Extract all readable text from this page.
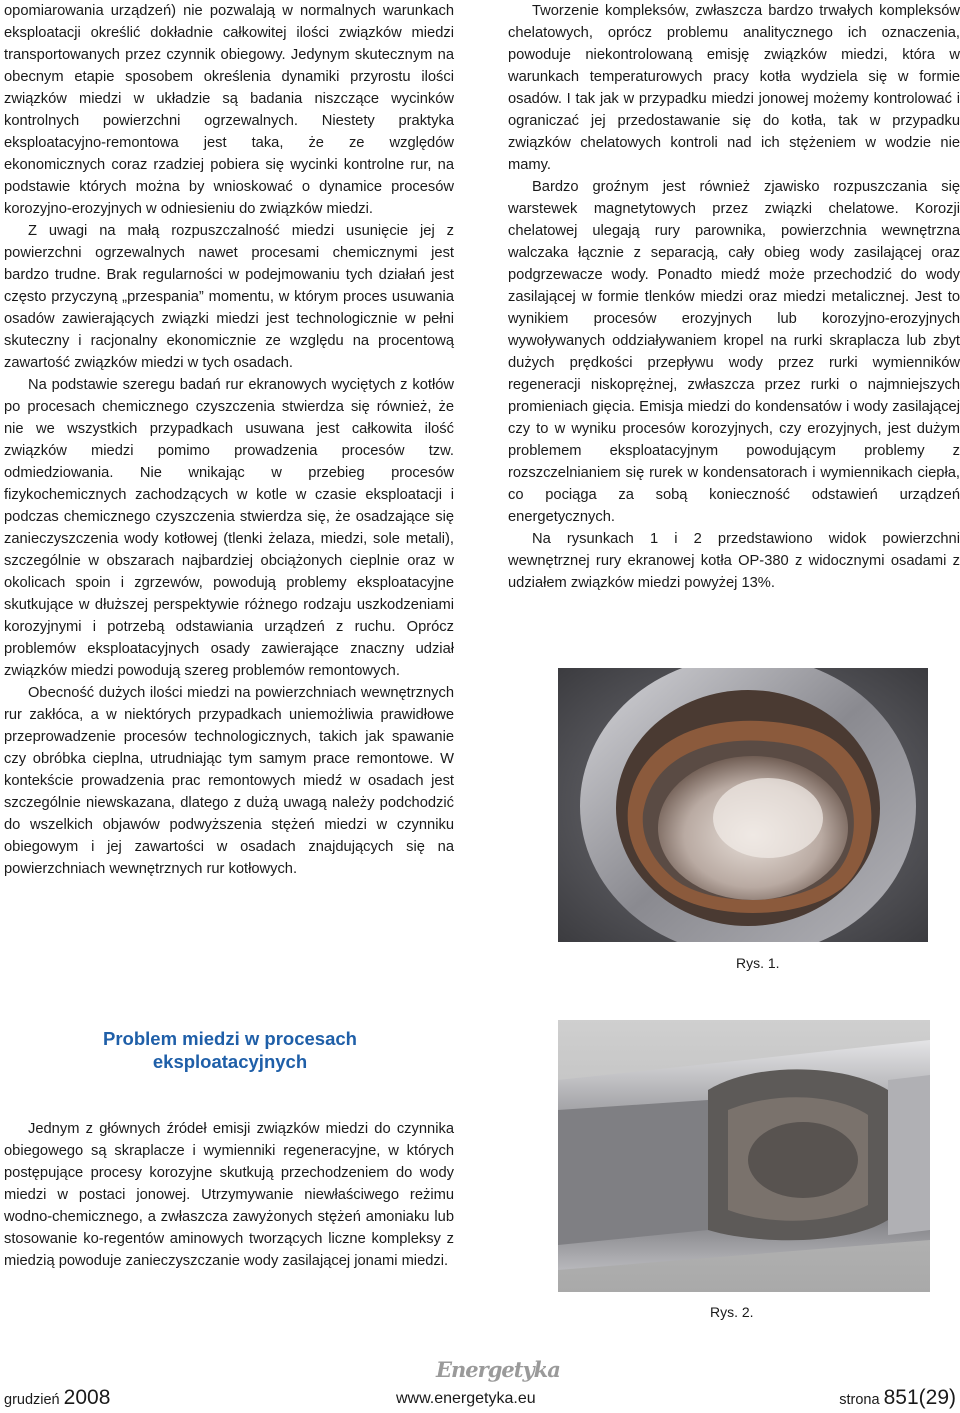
opomiarowania urządzeń) nie pozwalają w normalnych warunkach eksploatacji określić dokładnie całkowitej ilości związków miedzi transportowanych przez czynnik obiegowy. Jedynym skutecznym na obecnym etapie sposobem określenia dynamiki przyrostu ilości związków miedzi w układzie są badania niszczące wycinków kontrolnych powierzchni ogrzewalnych. Niestety praktyka eksploatacyjno-remontowa jest taka, że ze względów ekonomicznych coraz rzadziej pobiera się wycinki kontrolne rur, na podstawie których można by wnioskować o dynamice procesów korozyjno-erozyjnych w odniesieniu do związków miedzi.

Z uwagi na małą rozpuszczalność miedzi usunięcie jej z powierzchni ogrzewalnych nawet procesami chemicznymi jest bardzo trudne. Brak regularności w podejmowaniu tych działań jest często przyczyną „przespania” momentu, w którym proces usuwania osadów zawierających związki miedzi jest technologicznie w pełni skuteczny i racjonalny ekonomicznie ze względu na procentową zawartość związków miedzi w tych osadach.

Na podstawie szeregu badań rur ekranowych wyciętych z kotłów po procesach chemicznego czyszczenia stwierdza się również, że nie we wszystkich przypadkach usuwana jest całkowita ilość związków miedzi pomimo prowadzenia procesów tzw. odmiedziowania. Nie wnikając w przebieg procesów fizykochemicznych zachodzących w kotle w czasie eksploatacji i podczas chemicznego czyszczenia stwierdza się, że osadzające się zanieczyszczenia wody kotłowej (tlenki żelaza, miedzi, sole metali), szczególnie w obszarach najbardziej obciążonych cieplnie oraz w okolicach spoin i zgrzewów, powodują problemy eksploatacyjne skutkujące w dłuższej perspektywie różnego rodzaju uszkodzeniami korozyjnymi i potrzebą odstawiania urządzeń z ruchu. Oprócz problemów eksploatacyjnych osady zawierające znaczny udział związków miedzi powodują szereg problemów remontowych.

Obecność dużych ilości miedzi na powierzchniach wewnętrznych rur zakłóca, a w niektórych przypadkach uniemożliwia prawidłowe przeprowadzenie procesów technologicznych, takich jak spawanie czy obróbka cieplna, utrudniając tym samym prace remontowe. W kontekście prowadzenia prac remontowych miedź w osadach jest szczególnie niewskazana, dlatego z dużą uwagą należy podchodzić do wszelkich objawów podwyższenia stężeń miedzi w czynniku obiegowym i jej zawartości w osadach znajdujących się na powierzchniach wewnętrznych rur kotłowych.

Problem miedzi w procesach eksploatacyjnych

Jednym z głównych źródeł emisji związków miedzi do czynnika obiegowego są skraplacze i wymienniki regeneracyjne, w których postępujące procesy korozyjne skutkują przechodzeniem do wody miedzi w postaci jonowej. Utrzymywanie niewłaściwego reżimu wodno-chemicznego, a zwłaszcza zawyżonych stężeń amoniaku lub stosowanie ko-regentów aminowych tworzących liczne kompleksy z miedzią powoduje zanieczyszczanie wody zasilającej jonami miedzi.

Tworzenie kompleksów, zwłaszcza bardzo trwałych kompleksów chelatowych, oprócz problemu analitycznego ich oznaczenia, powoduje niekontrolowaną emisję związków miedzi, która w warunkach temperaturowych pracy kotła wydziela się w formie osadów. I tak jak w przypadku miedzi jonowej możemy kontrolować i ograniczać jej przedostawanie się do kotła, tak w przypadku związków chelatowych kontroli nad ich stężeniem w wodzie nie mamy.

Bardzo groźnym jest również zjawisko rozpuszczania się warstewek magnetytowych przez związki chelatowe. Korozji chelatowej ulegają rury parownika, powierzchnia wewnętrzna walczaka łącznie z separacją, cały obieg wody zasilającej oraz podgrzewacze wody. Ponadto miedź może przechodzić do wody zasilającej w formie tlenków miedzi oraz miedzi metalicznej. Jest to wynikiem procesów erozyjnych lub korozyjno-erozyjnych wywoływanych oddziaływaniem kropel na rurki skraplacza lub zbyt dużych prędkości przepływu wody przez rurki wymienników regeneracji niskoprężnej, zwłaszcza przez rurki o najmniejszych promieniach gięcia. Emisja miedzi do kondensatów i wody zasilającej czy to w wyniku procesów korozyjnych, czy erozyjnych, jest dużym problemem eksploatacyjnym powodującym problemy z rozszczelnianiem się rurek w kondensatorach i wymiennikach ciepła, co pociąga za sobą konieczność odstawień urządzeń energetycznych.

Na rysunkach 1 i 2 przedstawiono widok powierzchni wewnętrznej rury ekranowej kotła OP-380 z widocznymi osadami z udziałem związków miedzi powyżej 13%.

Rys. 1.
Rys. 2.
Energetyka
grudzień 2008	www.energetyka.eu	strona 851(29)
